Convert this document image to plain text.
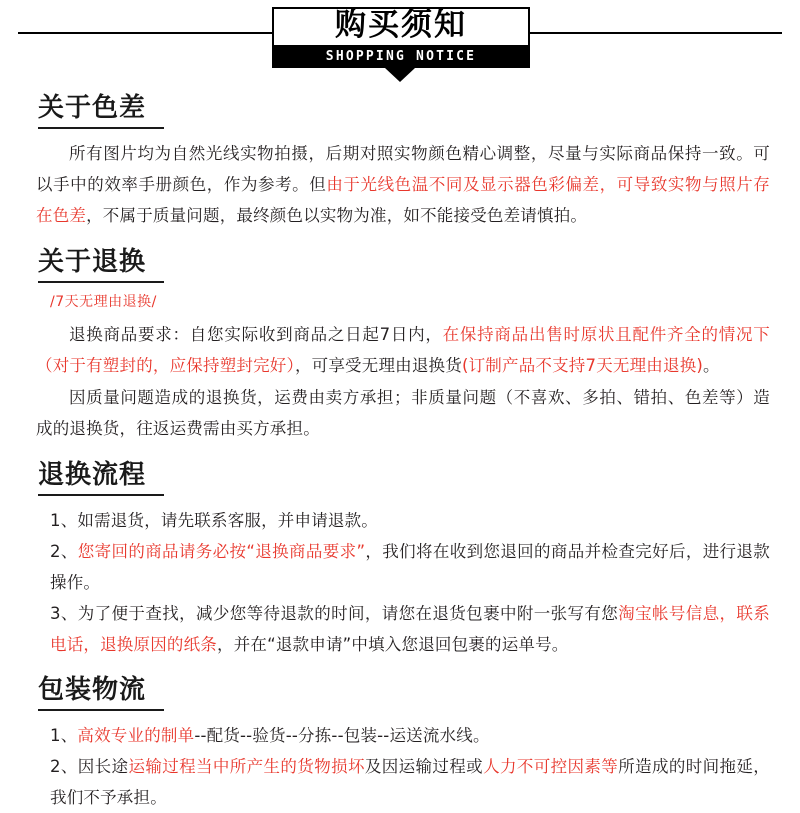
购买须知
SHOPPING NOTICE
关于色差

所有图片均为自然光线实物拍摄，后期对照实物颜色精心调整，尽量与实际商品保持一致。可以手中的效率手册颜色，作为参考。但由于光线色温不同及显示器色彩偏差，可导致实物与照片存在色差，不属于质量问题，最终颜色以实物为准，如不能接受色差请慎拍。

关于退换
/7天无理由退换/

退换商品要求：自您实际收到商品之日起7日内，在保持商品出售时原状且配件齐全的情况下（对于有塑封的，应保持塑封完好），可享受无理由退换货(订制产品不支持7天无理由退换)。

因质量问题造成的退换货，运费由卖方承担；非质量问题（不喜欢、多拍、错拍、色差等）造成的退换货，往返运费需由买方承担。

退换流程

1、如需退货，请先联系客服，并申请退款。

2、您寄回的商品请务必按“退换商品要求”，我们将在收到您退回的商品并检查完好后，进行退款操作。

3、为了便于查找，减少您等待退款的时间，请您在退货包裹中附一张写有您淘宝帐号信息，联系电话，退换原因的纸条，并在“退款申请”中填入您退回包裹的运单号。

包装物流

1、高效专业的制单--配货--验货--分拣--包装--运送流水线。

2、因长途运输过程当中所产生的货物损坏及因运输过程或人力不可控因素等所造成的时间拖延，我们不予承担。
